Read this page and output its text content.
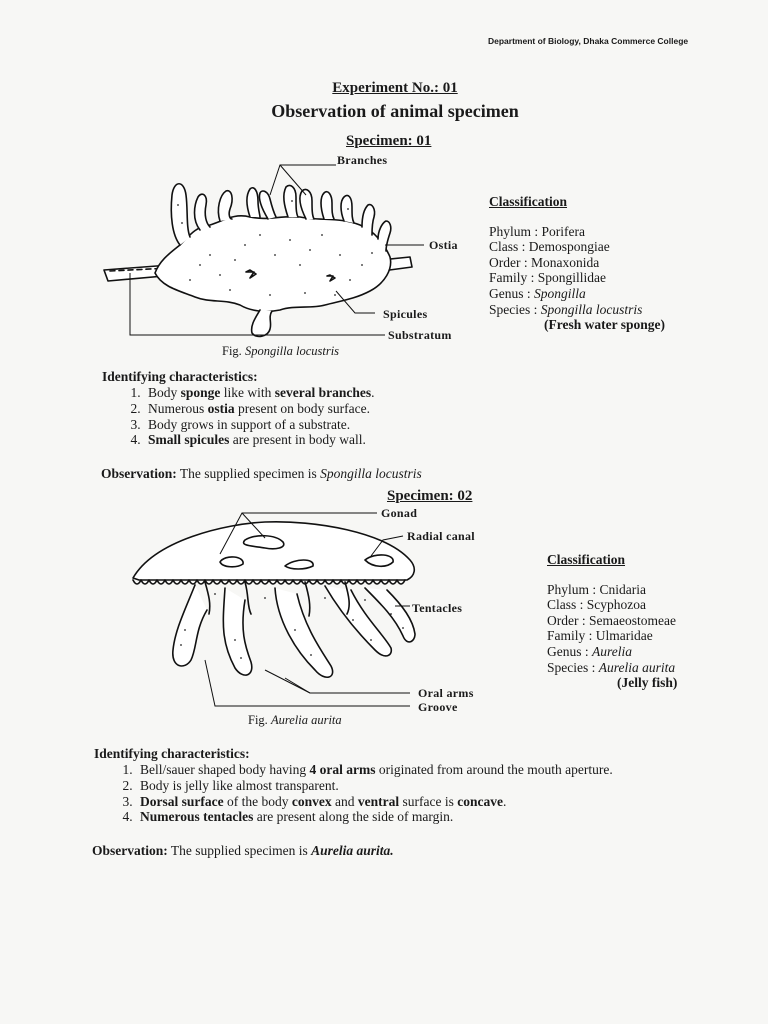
Department of Biology, Dhaka Commerce College
Experiment No.: 01
Observation of animal specimen
Specimen: 01
Branches
Ostia
Spicules
Substratum
Fig. Spongilla locustris
Classification
Phylum : Porifera
Class : Demospongiae
Order : Monaxonida
Family : Spongillidae
Genus : Spongilla
Species : Spongilla locustris
(Fresh water sponge)
Identifying characteristics:
1. Body sponge like with several branches.
2. Numerous ostia present on body surface.
3. Body grows in support of a substrate.
4. Small spicules are present in body wall.
Observation: The supplied specimen is Spongilla locustris
Specimen: 02
Gonad
Radial canal
Tentacles
Oral arms
Groove
Fig. Aurelia aurita
Classification
Phylum : Cnidaria
Class : Scyphozoa
Order : Semaeostomeae
Family : Ulmaridae
Genus : Aurelia
Species : Aurelia aurita
(Jelly fish)
Identifying characteristics:
1. Bell/sauer shaped body having 4 oral arms originated from around the mouth aperture.
2. Body is jelly like almost transparent.
3. Dorsal surface of the body convex and ventral surface is concave.
4. Numerous tentacles are present along the side of margin.
Observation: The supplied specimen is Aurelia aurita.
